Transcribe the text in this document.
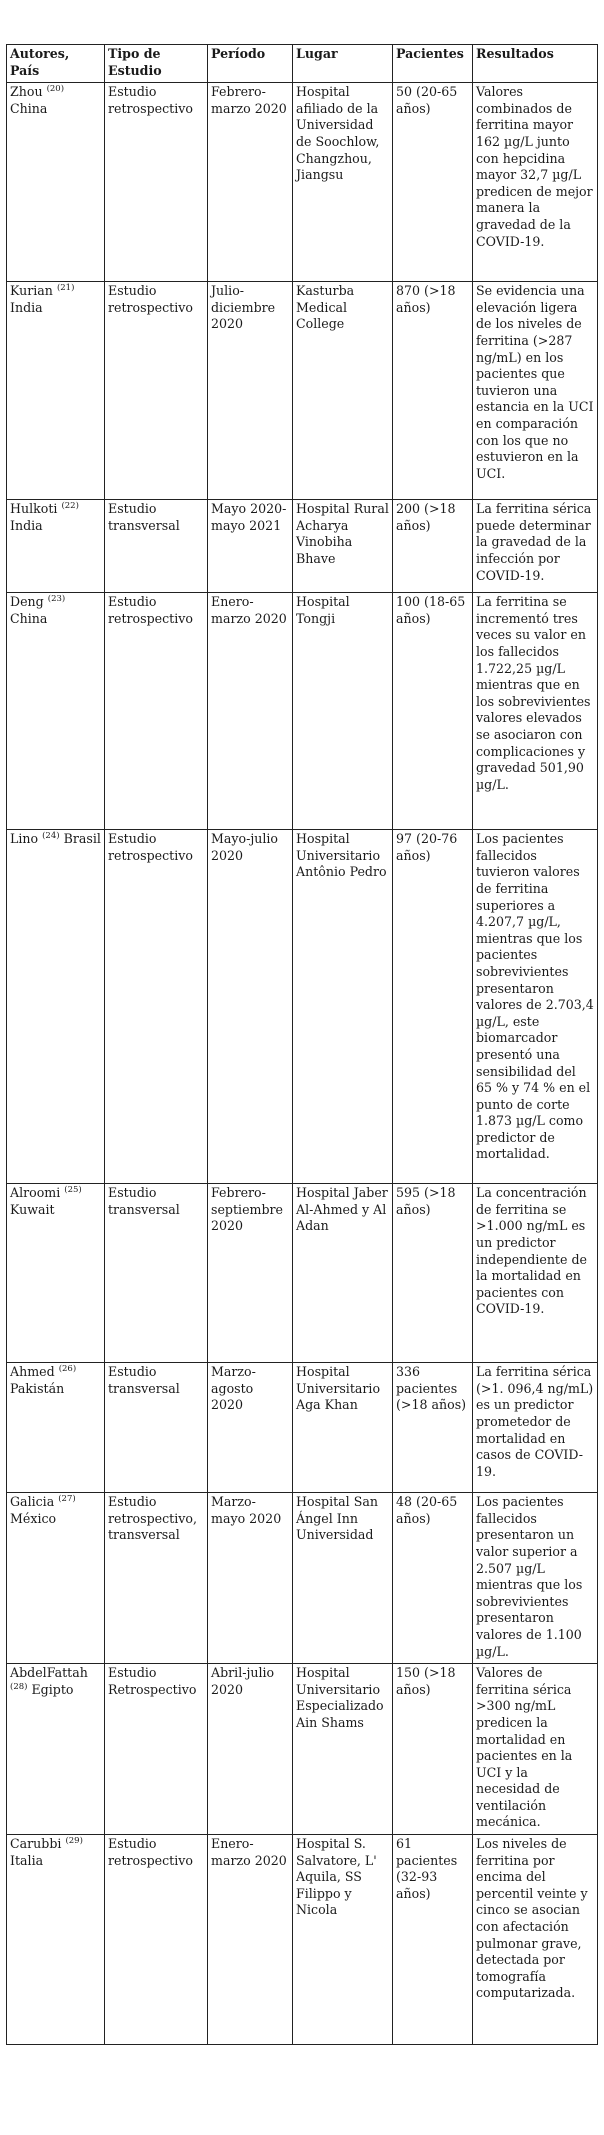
Autores, País	Tipo de Estudio	Período	Lugar	Pacientes	Resultados
Zhou $^{(20)}$ China	Estudio retrospectivo	Febrero-marzo 2020	Hospital afiliado de la Universidad de Soochlow, Changzhou, Jiangsu	50 (20-65 años)	Valores combinados de ferritina mayor 162 µg/L junto con hepcidina mayor 32,7 µg/L predicen de mejor manera la gravedad de la COVID-19.
Kurian $^{(21)}$ India	Estudio retrospectivo	Julio-diciembre 2020	Kasturba Medical College	870 (>18 años)	Se evidencia una elevación ligera de los niveles de ferritina (>287 ng/mL) en los pacientes que tuvieron una estancia en la UCI en comparación con los que no estuvieron en la UCI.
Hulkoti $^{(22)}$ India	Estudio transversal	Mayo 2020-mayo 2021	Hospital Rural Acharya Vinobiha Bhave	200 (>18 años)	La ferritina sérica puede determinar la gravedad de la infección por COVID-19.
Deng $^{(23)}$ China	Estudio retrospectivo	Enero-marzo 2020	Hospital Tongji	100 (18-65 años)	La ferritina se incrementó tres veces su valor en los fallecidos 1.722,25 µg/L mientras que en los sobrevivientes valores elevados se asociaron con complicaciones y gravedad 501,90 µg/L.
Lino $^{(24)}$ Brasil	Estudio retrospectivo	Mayo-julio 2020	Hospital Universitario Antônio Pedro	97 (20-76 años)	Los pacientes fallecidos tuvieron valores de ferritina superiores a 4.207,7 µg/L, mientras que los pacientes sobrevivientes presentaron valores de 2.703,4 µg/L, este biomarcador presentó una sensibilidad del 65 % y 74 % en el punto de corte 1.873 µg/L como predictor de mortalidad.
Alroomi $^{(25)}$ Kuwait	Estudio transversal	Febrero-septiembre 2020	Hospital Jaber Al-Ahmed y Al Adan	595 (>18 años)	La concentración de ferritina se >1.000 ng/mL es un predictor independiente de la mortalidad en pacientes con COVID-19.
Ahmed $^{(26)}$ Pakistán	Estudio transversal	Marzo-agosto 2020	Hospital Universitario Aga Khan	336 pacientes (>18 años)	La ferritina sérica (>1. 096,4 ng/mL) es un predictor prometedor de mortalidad en casos de COVID-19.
Galicia $^{(27)}$ México	Estudio retrospectivo, transversal	Marzo-mayo 2020	Hospital San Ángel Inn Universidad	48 (20-65 años)	Los pacientes fallecidos presentaron un valor superior a 2.507 µg/L mientras que los sobrevivientes presentaron valores de 1.100 µg/L.
AbdelFattah $^{(28)}$ Egipto	Estudio Retrospectivo	Abril-julio 2020	Hospital Universitario Especializado Ain Shams	150 (>18 años)	Valores de ferritina sérica >300 ng/mL predicen la mortalidad en pacientes en la UCI y la necesidad de ventilación mecánica.
Carubbi $^{(29)}$ Italia	Estudio retrospectivo	Enero-marzo 2020	Hospital S. Salvatore, L' Aquila, SS Filippo y Nicola	61 pacientes (32-93 años)	Los niveles de ferritina por encima del percentil veinte y cinco se asocian con afectación pulmonar grave, detectada por tomografía computarizada.
